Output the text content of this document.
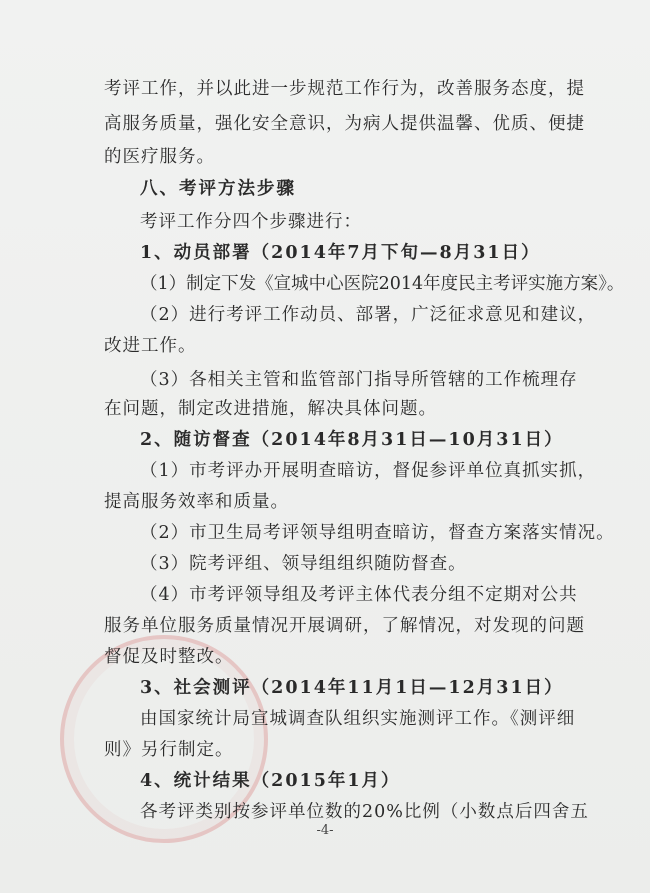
考评工作，并以此进一步规范工作行为，改善服务态度，提
高服务质量，强化安全意识，为病人提供温馨、优质、便捷
的医疗服务。
八、考评方法步骤
考评工作分四个步骤进行：
1、动员部署（2014年7月下旬—8月31日）
（1）制定下发《宣城中心医院2014年度民主考评实施方案》。
（2）进行考评工作动员、部署，广泛征求意见和建议，
改进工作。
（3）各相关主管和监管部门指导所管辖的工作梳理存
在问题，制定改进措施，解决具体问题。
2、随访督查（2014年8月31日—10月31日）
（1）市考评办开展明查暗访，督促参评单位真抓实抓，
提高服务效率和质量。
（2）市卫生局考评领导组明查暗访，督查方案落实情况。
（3）院考评组、领导组组织随防督查。
（4）市考评领导组及考评主体代表分组不定期对公共
服务单位服务质量情况开展调研，了解情况，对发现的问题
督促及时整改。
3、社会测评（2014年11月1日—12月31日）
由国家统计局宣城调查队组织实施测评工作。《测评细
则》另行制定。
4、统计结果（2015年1月）
各考评类别按参评单位数的20%比例（小数点后四舍五
-4-
